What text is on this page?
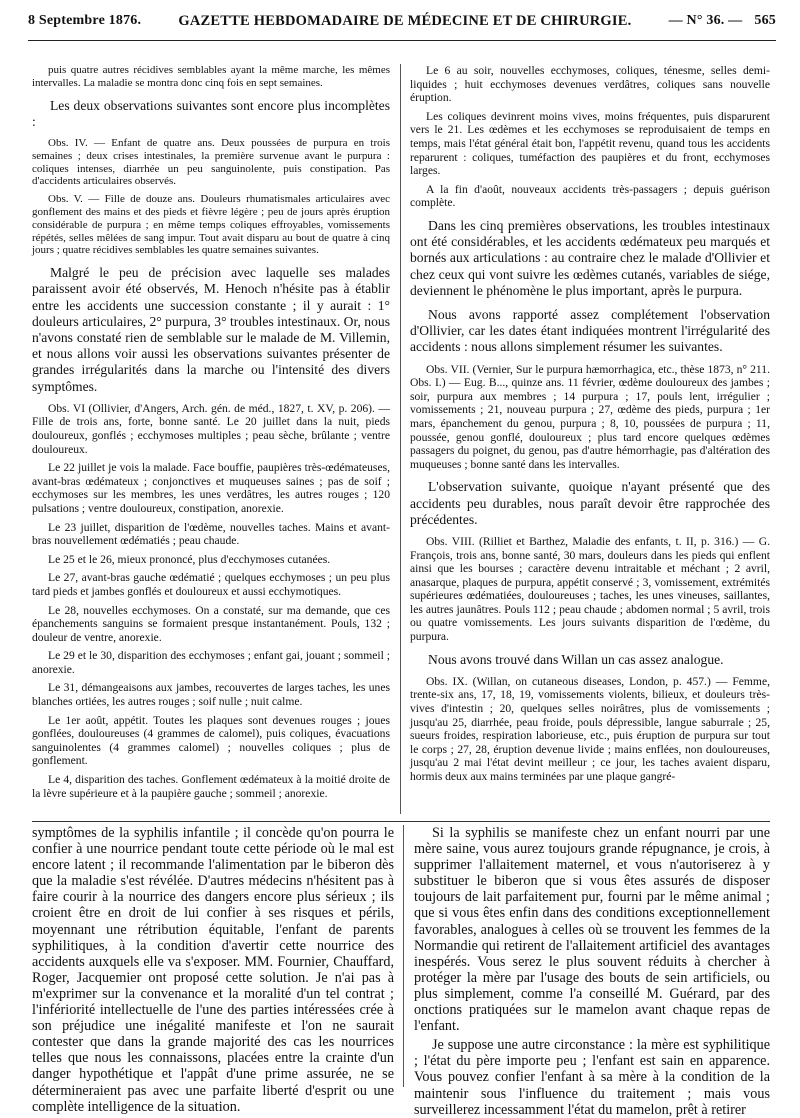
8 Septembre 1876.	GAZETTE HEBDOMADAIRE DE MÉDECINE ET DE CHIRURGIE.	— N° 36. — 565

puis quatre autres récidives semblables ayant la même marche, les mêmes intervalles. La maladie se montra donc cinq fois en sept semaines.

Les deux observations suivantes sont encore plus incomplètes :

Obs. IV. — Enfant de quatre ans. Deux poussées de purpura en trois semaines ; deux crises intestinales, la première survenue avant le purpura : coliques intenses, diarrhée un peu sanguinolente, puis constipation. Pas d'accidents articulaires observés.

Obs. V. — Fille de douze ans. Douleurs rhumatismales articulaires avec gonflement des mains et des pieds et fièvre légère ; peu de jours après éruption considérable de purpura ; en même temps coliques effroyables, vomissements répétés, selles mêlées de sang impur. Tout avait disparu au bout de quatre à cinq jours ; quatre récidives semblables les quatre semaines suivantes.

Malgré le peu de précision avec laquelle ses malades paraissent avoir été observés, M. Henoch n'hésite pas à établir entre les accidents une succession constante ; il y aurait : 1° douleurs articulaires, 2° purpura, 3° troubles intestinaux. Or, nous n'avons constaté rien de semblable sur le malade de M. Villemin, et nous allons voir aussi les observations suivantes présenter de grandes irrégularités dans la marche ou l'intensité des divers symptômes.

Obs. VI (Ollivier, d'Angers, Arch. gén. de méd., 1827, t. XV, p. 206). — Fille de trois ans, forte, bonne santé. Le 20 juillet dans la nuit, pieds douloureux, gonflés ; ecchymoses multiples ; peau sèche, brûlante ; ventre douloureux.

Le 22 juillet je vois la malade. Face bouffie, paupières très-œdémateuses, avant-bras œdémateux ; conjonctives et muqueuses saines ; pas de soif ; ecchymoses sur les membres, les unes verdâtres, les autres rouges ; 120 pulsations ; ventre douloureux, constipation, anorexie.

Le 23 juillet, disparition de l'œdème, nouvelles taches. Mains et avant-bras nouvellement œdématiés ; peau chaude.

Le 25 et le 26, mieux prononcé, plus d'ecchymoses cutanées.

Le 27, avant-bras gauche œdématié ; quelques ecchymoses ; un peu plus tard pieds et jambes gonflés et douloureux et aussi ecchymotiques.

Le 28, nouvelles ecchymoses. On a constaté, sur ma demande, que ces épanchements sanguins se formaient presque instantanément. Pouls, 132 ; douleur de ventre, anorexie.

Le 29 et le 30, disparition des ecchymoses ; enfant gai, jouant ; sommeil ; anorexie.

Le 31, démangeaisons aux jambes, recouvertes de larges taches, les unes blanches ortiées, les autres rouges ; soif nulle ; nuit calme.

Le 1er août, appétit. Toutes les plaques sont devenues rouges ; joues gonflées, douloureuses (4 grammes de calomel), puis coliques, évacuations sanguinolentes (4 grammes calomel) ; nouvelles coliques ; plus de gonflement.

Le 4, disparition des taches. Gonflement œdémateux à la moitié droite de la lèvre supérieure et à la paupière gauche ; sommeil ; anorexie.

Le 6 au soir, nouvelles ecchymoses, coliques, ténesme, selles demi-liquides ; huit ecchymoses devenues verdâtres, coliques sans nouvelle éruption.

Les coliques devinrent moins vives, moins fréquentes, puis disparurent vers le 21. Les œdèmes et les ecchymoses se reproduisaient de temps en temps, mais l'état général était bon, l'appétit revenu, quand tous les accidents reparurent : coliques, tuméfaction des paupières et du front, ecchymoses larges.

A la fin d'août, nouveaux accidents très-passagers ; depuis guérison complète.

Dans les cinq premières observations, les troubles intestinaux ont été considérables, et les accidents œdémateux peu marqués et bornés aux articulations : au contraire chez le malade d'Ollivier et chez ceux qui vont suivre les œdèmes cutanés, variables de siége, deviennent le phénomène le plus important, après le purpura.

Nous avons rapporté assez complétement l'observation d'Ollivier, car les dates étant indiquées montrent l'irrégularité des accidents : nous allons simplement résumer les suivantes.

Obs. VII. (Vernier, Sur le purpura hæmorrhagica, etc., thèse 1873, n° 211. Obs. I.) — Eug. B..., quinze ans. 11 février, œdème douloureux des jambes ; soir, purpura aux membres ; 14 purpura ; 17, pouls lent, irrégulier ; vomissements ; 21, nouveau purpura ; 27, œdème des pieds, purpura ; 1er mars, épanchement du genou, purpura ; 8, 10, poussées de purpura ; 11, poussée, genou gonflé, douloureux ; plus tard encore quelques œdèmes passagers du poignet, du genou, pas d'autre hémorrhagie, pas d'altération des muqueuses ; bonne santé dans les intervalles.

L'observation suivante, quoique n'ayant présenté que des accidents peu durables, nous paraît devoir être rapprochée des précédentes.

Obs. VIII. (Rilliet et Barthez, Maladie des enfants, t. II, p. 316.) — G. François, trois ans, bonne santé, 30 mars, douleurs dans les pieds qui enflent ainsi que les bourses ; caractère devenu intraitable et méchant ; 2 avril, anasarque, plaques de purpura, appétit conservé ; 3, vomissement, extrémités supérieures œdématiées, douloureuses ; taches, les unes vineuses, saillantes, les autres jaunâtres. Pouls 112 ; peau chaude ; abdomen normal ; 5 avril, trois ou quatre vomissements. Les jours suivants disparition de l'œdème, du purpura.

Nous avons trouvé dans Willan un cas assez analogue.

Obs. IX. (Willan, on cutaneous diseases, London, p. 457.) — Femme, trente-six ans, 17, 18, 19, vomissements violents, bilieux, et douleurs très-vives d'intestin ; 20, quelques selles noirâtres, plus de vomissements ; jusqu'au 25, diarrhée, peau froide, pouls dépressible, langue saburrale ; 25, sueurs froides, respiration laborieuse, etc., puis éruption de purpura sur tout le corps ; 27, 28, éruption devenue livide ; mains enflées, non douloureuses, jusqu'au 2 mai l'état devint meilleur ; ce jour, les taches avaient disparu, hormis deux aux mains terminées par une plaque gangré-

symptômes de la syphilis infantile ; il concède qu'on pourra le confier à une nourrice pendant toute cette période où le mal est encore latent ; il recommande l'alimentation par le biberon dès que la maladie s'est révélée. D'autres médecins n'hésitent pas à faire courir à la nourrice des dangers encore plus sérieux ; ils croient être en droit de lui confier à ses risques et périls, moyennant une rétribution équitable, l'enfant de parents syphilitiques, à la condition d'avertir cette nourrice des accidents auxquels elle va s'exposer. MM. Fournier, Chauffard, Roger, Jacquemier ont proposé cette solution. Je n'ai pas à m'exprimer sur la convenance et la moralité d'un tel contrat ; l'infériorité intellectuelle de l'une des parties intéressées crée à son préjudice une inégalité manifeste et l'on ne saurait contester que dans la grande majorité des cas les nourrices telles que nous les connaissons, placées entre la crainte d'un danger hypothétique et l'appât d'une prime assurée, ne se détermineraient pas avec une parfaite liberté d'esprit ou une complète intelligence de la situation.

Si la syphilis se manifeste chez un enfant nourri par une mère saine, vous aurez toujours grande répugnance, je crois, à supprimer l'allaitement maternel, et vous n'autoriserez à y substituer le biberon que si vous êtes assurés de disposer toujours de lait parfaitement pur, fourni par le même animal ; que si vous êtes enfin dans des conditions exceptionnellement favorables, analogues à celles où se trouvent les femmes de la Normandie qui retirent de l'allaitement artificiel des avantages inespérés. Vous serez le plus souvent réduits à chercher à protéger la mère par l'usage des bouts de sein artificiels, ou plus simplement, comme l'a conseillé M. Guérard, par des onctions pratiquées sur le mamelon avant chaque repas de l'enfant.

Je suppose une autre circonstance : la mère est syphilitique ; l'état du père importe peu ; l'enfant est sain en apparence. Vous pouvez confier l'enfant à sa mère à la condition de la maintenir sous l'influence du traitement ; mais vous surveillerez incessamment l'état du mamelon, prêt à retirer
